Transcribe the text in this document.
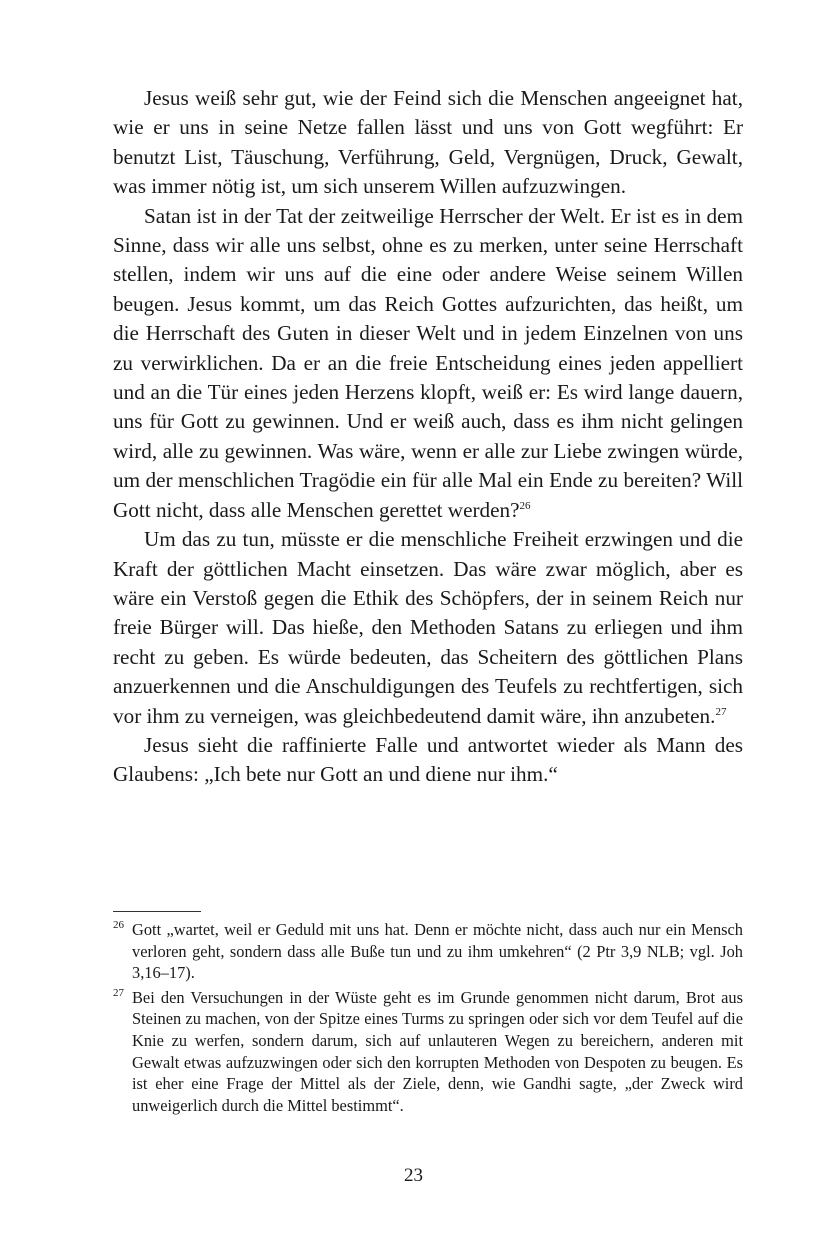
Jesus weiß sehr gut, wie der Feind sich die Menschen angeeignet hat, wie er uns in seine Netze fallen lässt und uns von Gott wegführt: Er benutzt List, Täuschung, Verführung, Geld, Vergnügen, Druck, Gewalt, was immer nötig ist, um sich unserem Willen aufzuzwingen.

Satan ist in der Tat der zeitweilige Herrscher der Welt. Er ist es in dem Sinne, dass wir alle uns selbst, ohne es zu merken, unter seine Herrschaft stellen, indem wir uns auf die eine oder andere Weise seinem Willen beugen. Jesus kommt, um das Reich Gottes aufzurichten, das heißt, um die Herrschaft des Guten in dieser Welt und in jedem Einzelnen von uns zu verwirklichen. Da er an die freie Entscheidung eines jeden appelliert und an die Tür eines jeden Herzens klopft, weiß er: Es wird lange dauern, uns für Gott zu gewinnen. Und er weiß auch, dass es ihm nicht gelingen wird, alle zu gewinnen. Was wäre, wenn er alle zur Liebe zwingen würde, um der menschlichen Tragödie ein für alle Mal ein Ende zu bereiten? Will Gott nicht, dass alle Menschen gerettet werden?$^{26}$

Um das zu tun, müsste er die menschliche Freiheit erzwingen und die Kraft der göttlichen Macht einsetzen. Das wäre zwar möglich, aber es wäre ein Verstoß gegen die Ethik des Schöpfers, der in seinem Reich nur freie Bürger will. Das hieße, den Methoden Satans zu erliegen und ihm recht zu geben. Es würde bedeuten, das Scheitern des göttlichen Plans anzuerkennen und die Anschuldigungen des Teufels zu rechtfertigen, sich vor ihm zu verneigen, was gleichbedeutend damit wäre, ihn anzubeten.$^{27}$

Jesus sieht die raffinierte Falle und antwortet wieder als Mann des Glaubens: „Ich bete nur Gott an und diene nur ihm.“

26 Gott „wartet, weil er Geduld mit uns hat. Denn er möchte nicht, dass auch nur ein Mensch verloren geht, sondern dass alle Buße tun und zu ihm umkehren“ (2 Ptr 3,9 NLB; vgl. Joh 3,16–17).
27 Bei den Versuchungen in der Wüste geht es im Grunde genommen nicht darum, Brot aus Steinen zu machen, von der Spitze eines Turms zu springen oder sich vor dem Teufel auf die Knie zu werfen, sondern darum, sich auf unlauteren Wegen zu bereichern, anderen mit Gewalt etwas aufzuzwingen oder sich den korrupten Methoden von Despoten zu beugen. Es ist eher eine Frage der Mittel als der Ziele, denn, wie Gandhi sagte, „der Zweck wird unweigerlich durch die Mittel bestimmt“.
23
